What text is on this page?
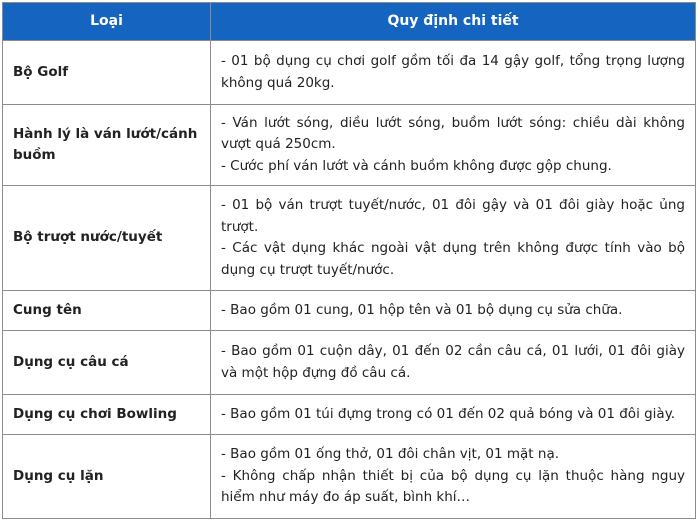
Loại	Quy định chi tiết
Bộ Golf	- 01 bộ dụng cụ chơi golf gồm tối đa 14 gậy golf, tổng trọng lượng không quá 20kg.

Hành lý là ván lướt/cánh buồm	- Ván lướt sóng, diều lướt sóng, buồm lướt sóng: chiều dài không vượt quá 250cm.
- Cước phí ván lướt và cánh buồm không được gộp chung.

Bộ trượt nước/tuyết	- 01 bộ ván trượt tuyết/nước, 01 đôi gậy và 01 đôi giày hoặc ủng trượt.
- Các vật dụng khác ngoài vật dụng trên không được tính vào bộ dụng cụ trượt tuyết/nước.

Cung tên	- Bao gồm 01 cung, 01 hộp tên và 01 bộ dụng cụ sửa chữa.

Dụng cụ câu cá	- Bao gồm 01 cuộn dây, 01 đến 02 cần câu cá, 01 lưới, 01 đôi giày và một hộp đựng đồ câu cá.

Dụng cụ chơi Bowling	- Bao gồm 01 túi đựng trong có 01 đến 02 quả bóng và 01 đôi giày.

Dụng cụ lặn	- Bao gồm 01 ống thở, 01 đôi chân vịt, 01 mặt nạ.
- Không chấp nhận thiết bị của bộ dụng cụ lặn thuộc hàng nguy hiểm như máy đo áp suất, bình khí…
